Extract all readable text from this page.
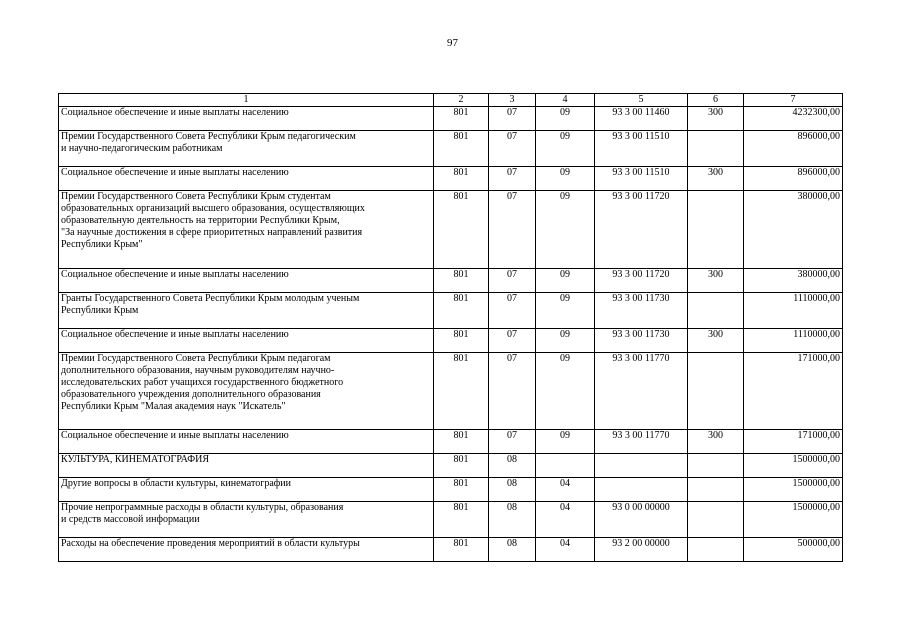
97
1	2	3	4	5	6	7
Социальное обеспечение и иные выплаты населению	801	07	09	93 3 00 11460	300	4232300,00
Премии Государственного Совета Республики Крым педагогическим
и научно-педагогическим работникам	801	07	09	93 3 00 11510		896000,00
Социальное обеспечение и иные выплаты населению	801	07	09	93 3 00 11510	300	896000,00
Премии Государственного Совета Республики Крым студентам
образовательных организаций высшего образования, осуществляющих
образовательную деятельность на территории Республики Крым,
"За научные достижения в сфере приоритетных направлений развития
Республики Крым"	801	07	09	93 3 00 11720		380000,00
Социальное обеспечение и иные выплаты населению	801	07	09	93 3 00 11720	300	380000,00
Гранты Государственного Совета Республики Крым молодым ученым
Республики Крым	801	07	09	93 3 00 11730		1110000,00
Социальное обеспечение и иные выплаты населению	801	07	09	93 3 00 11730	300	1110000,00
Премии Государственного Совета Республики Крым педагогам
дополнительного образования, научным руководителям научно-
исследовательских работ учащихся государственного бюджетного
образовательного учреждения дополнительного образования
Республики Крым "Малая академия наук "Искатель"	801	07	09	93 3 00 11770		171000,00
Социальное обеспечение и иные выплаты населению	801	07	09	93 3 00 11770	300	171000,00
КУЛЬТУРА, КИНЕМАТОГРАФИЯ	801	08				1500000,00
Другие вопросы в области культуры, кинематографии	801	08	04			1500000,00
Прочие непрограммные расходы в области культуры, образования
и средств массовой информации	801	08	04	93 0 00 00000		1500000,00
Расходы на обеспечение проведения мероприятий в области культуры	801	08	04	93 2 00 00000		500000,00
